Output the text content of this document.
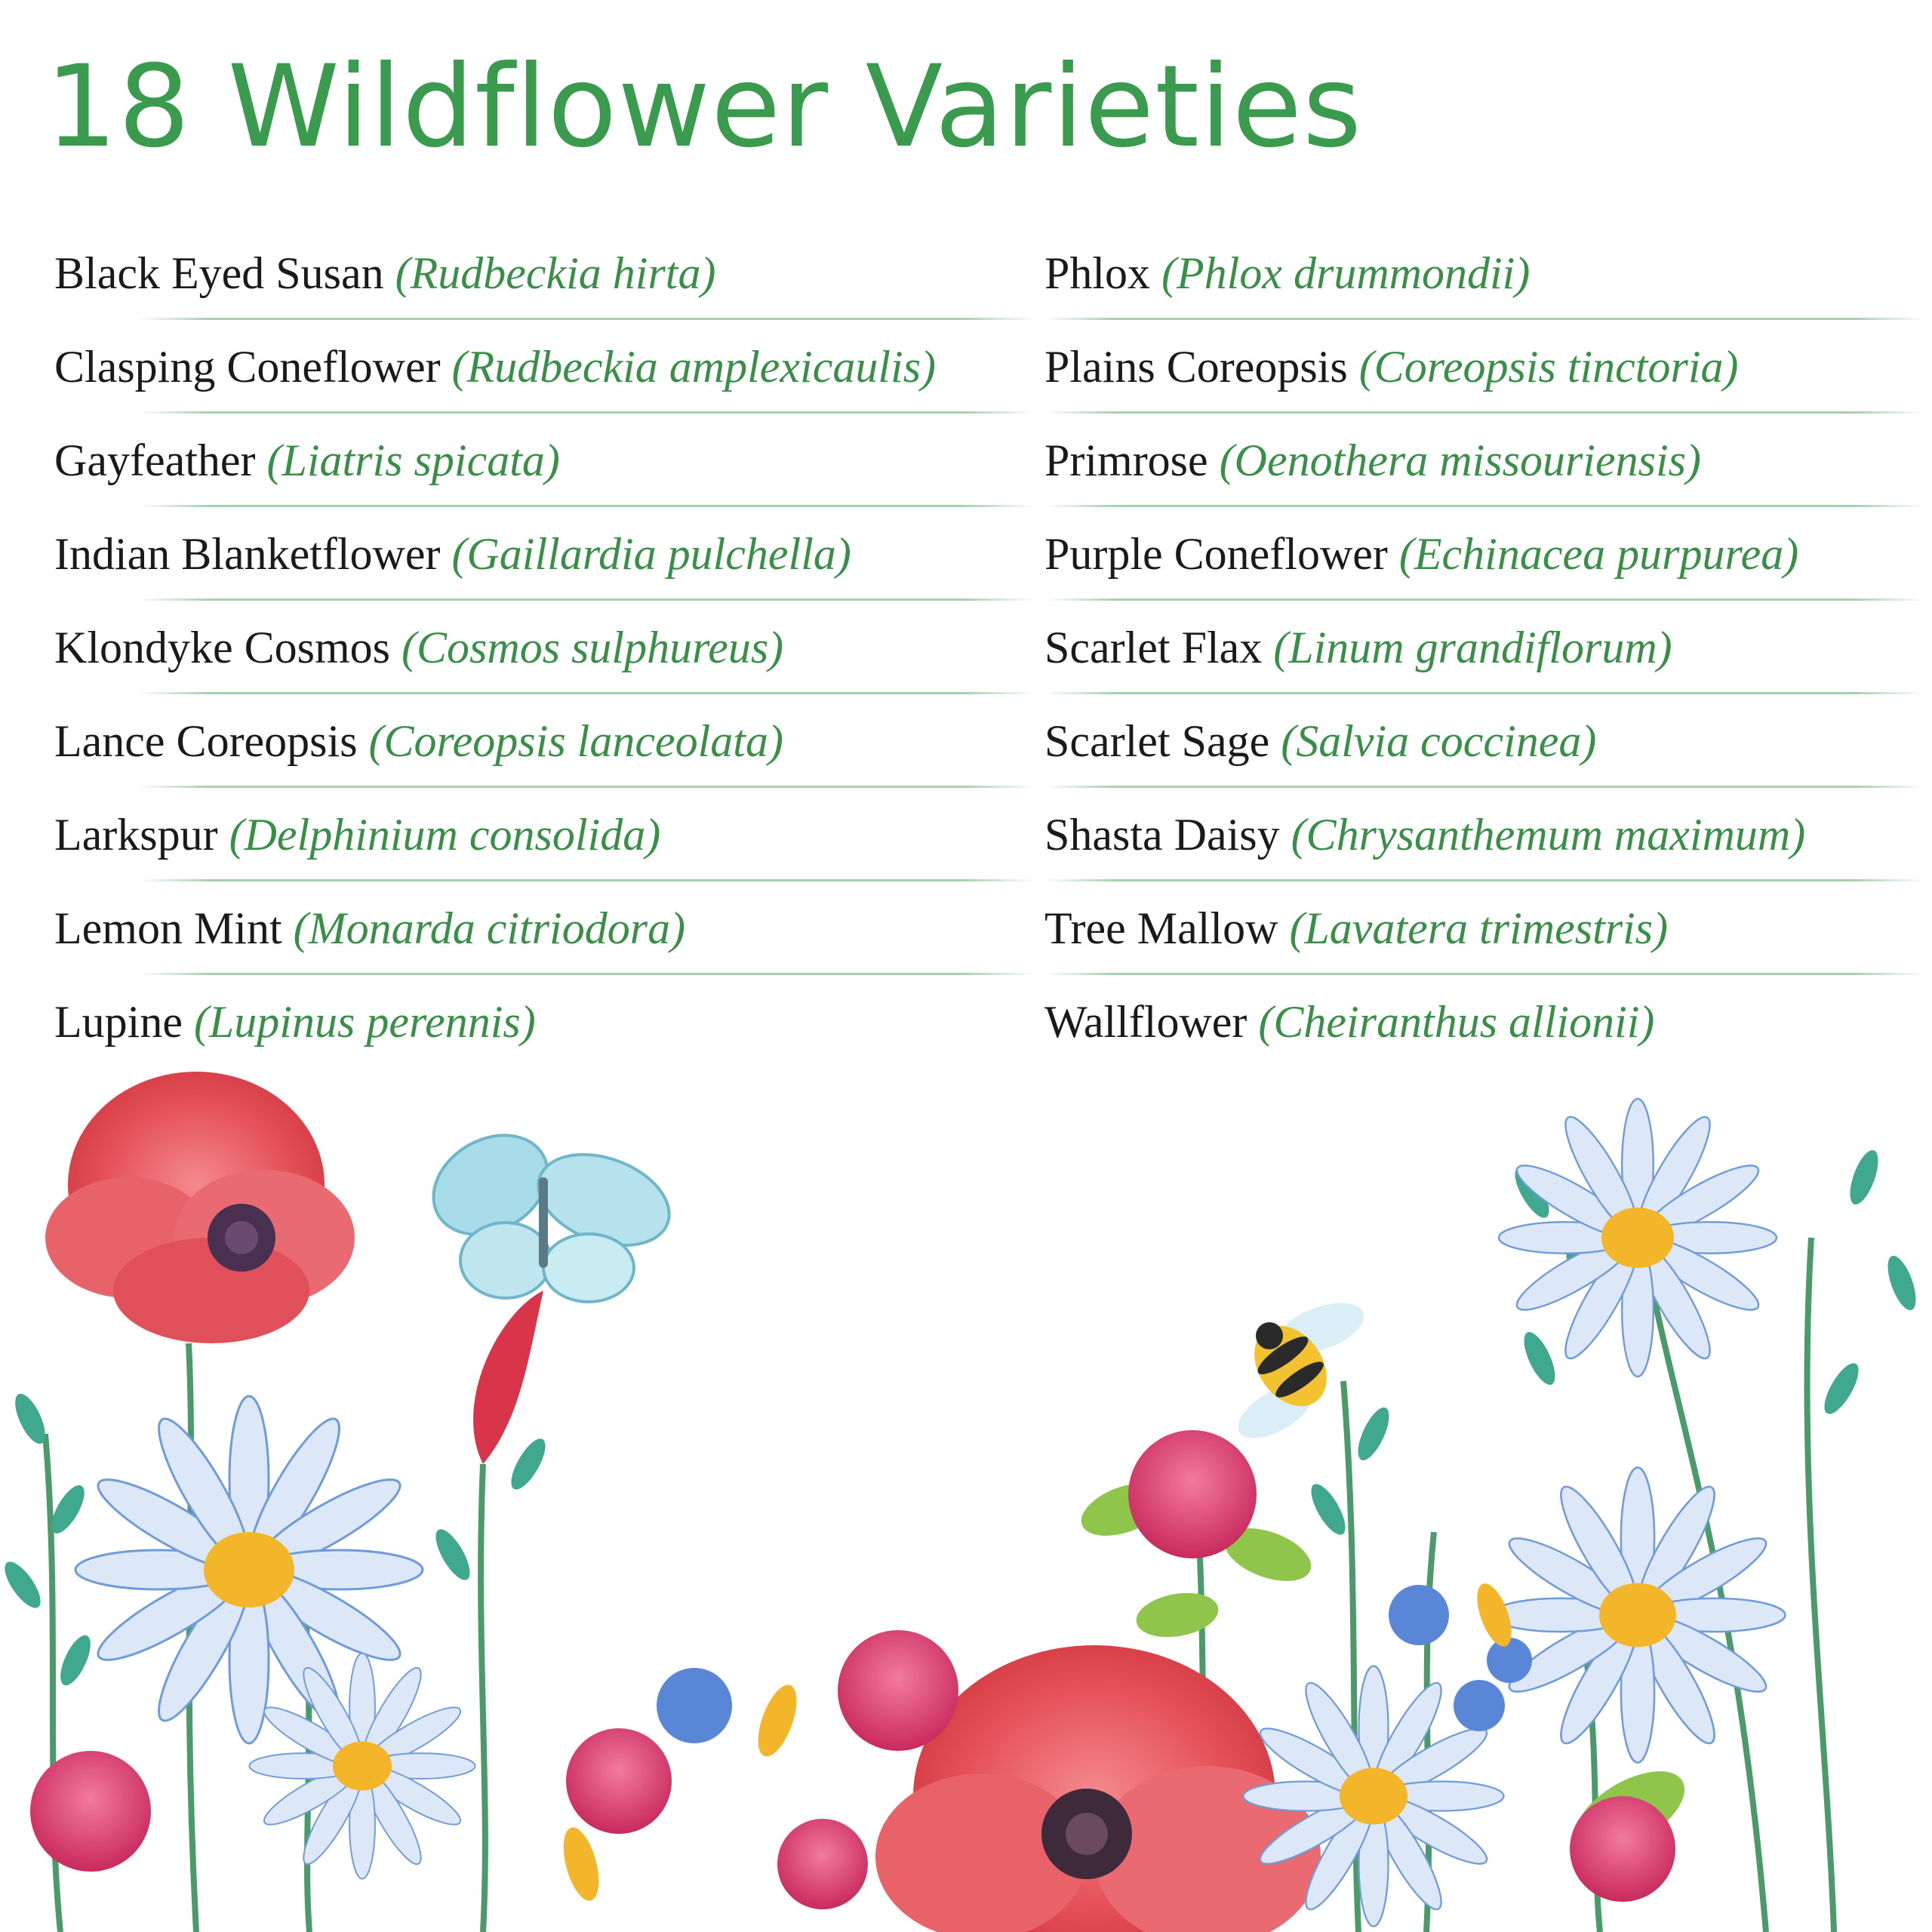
18 Wildflower Varieties
Black Eyed Susan (Rudbeckia hirta)
Clasping Coneflower (Rudbeckia amplexicaulis)
Gayfeather (Liatris spicata)
Indian Blanketflower (Gaillardia pulchella)
Klondyke Cosmos (Cosmos sulphureus)
Lance Coreopsis (Coreopsis lanceolata)
Larkspur (Delphinium consolida)
Lemon Mint (Monarda citriodora)
Lupine (Lupinus perennis)
Phlox (Phlox drummondii)
Plains Coreopsis (Coreopsis tinctoria)
Primrose (Oenothera missouriensis)
Purple Coneflower (Echinacea purpurea)
Scarlet Flax (Linum grandiflorum)
Scarlet Sage (Salvia coccinea)
Shasta Daisy (Chrysanthemum maximum)
Tree Mallow (Lavatera trimestris)
Wallflower (Cheiranthus allionii)
